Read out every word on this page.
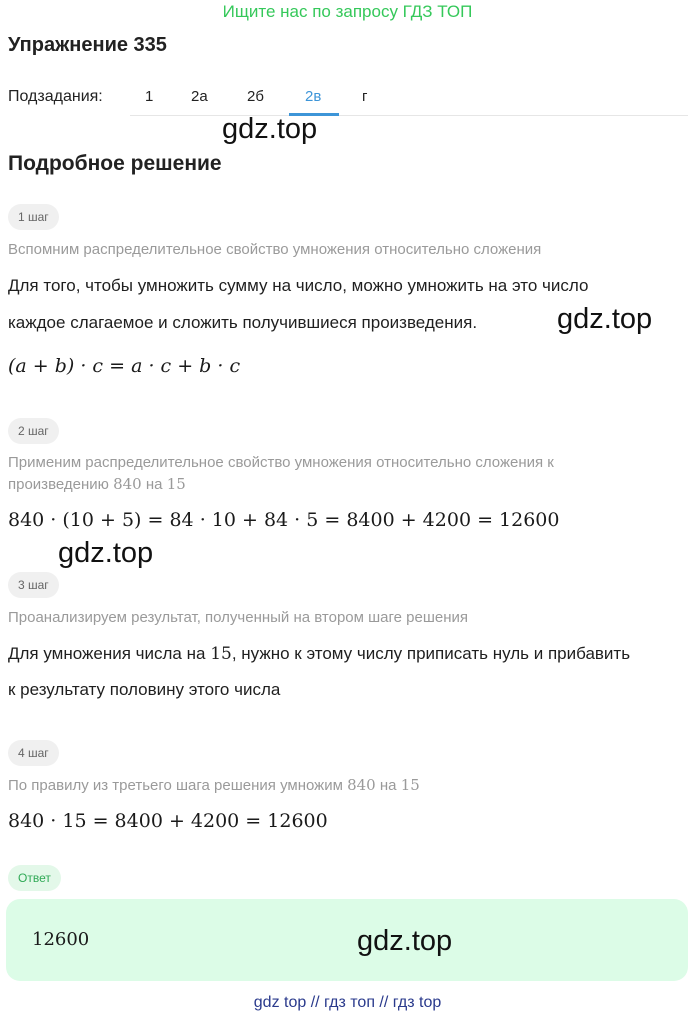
Ищите нас по запросу ГДЗ ТОП
Упражнение 335
Подзадания:	1	2а	2б	2в	г
gdz.top
Подробное решение
1 шаг
Вспомним распределительное свойство умножения относительно сложения
Для того, чтобы умножить сумму на число, можно умножить на это число
каждое слагаемое и сложить получившиеся произведения.	gdz.top
(a + b) · c = a · c + b · c
2 шаг
Применим распределительное свойство умножения относительно сложения к
произведению 840 на 15
840 · (10 + 5) = 84 · 10 + 84 · 5 = 8400 + 4200 = 12600
gdz.top
3 шаг
Проанализируем результат, полученный на втором шаге решения
Для умножения числа на 15, нужно к этому числу приписать нуль и прибавить
к результату половину этого числа
4 шаг
По правилу из третьего шага решения умножим 840 на 15
840 · 15 = 8400 + 4200 = 12600
Ответ
12600	gdz.top
gdz top // гдз топ // гдз top
